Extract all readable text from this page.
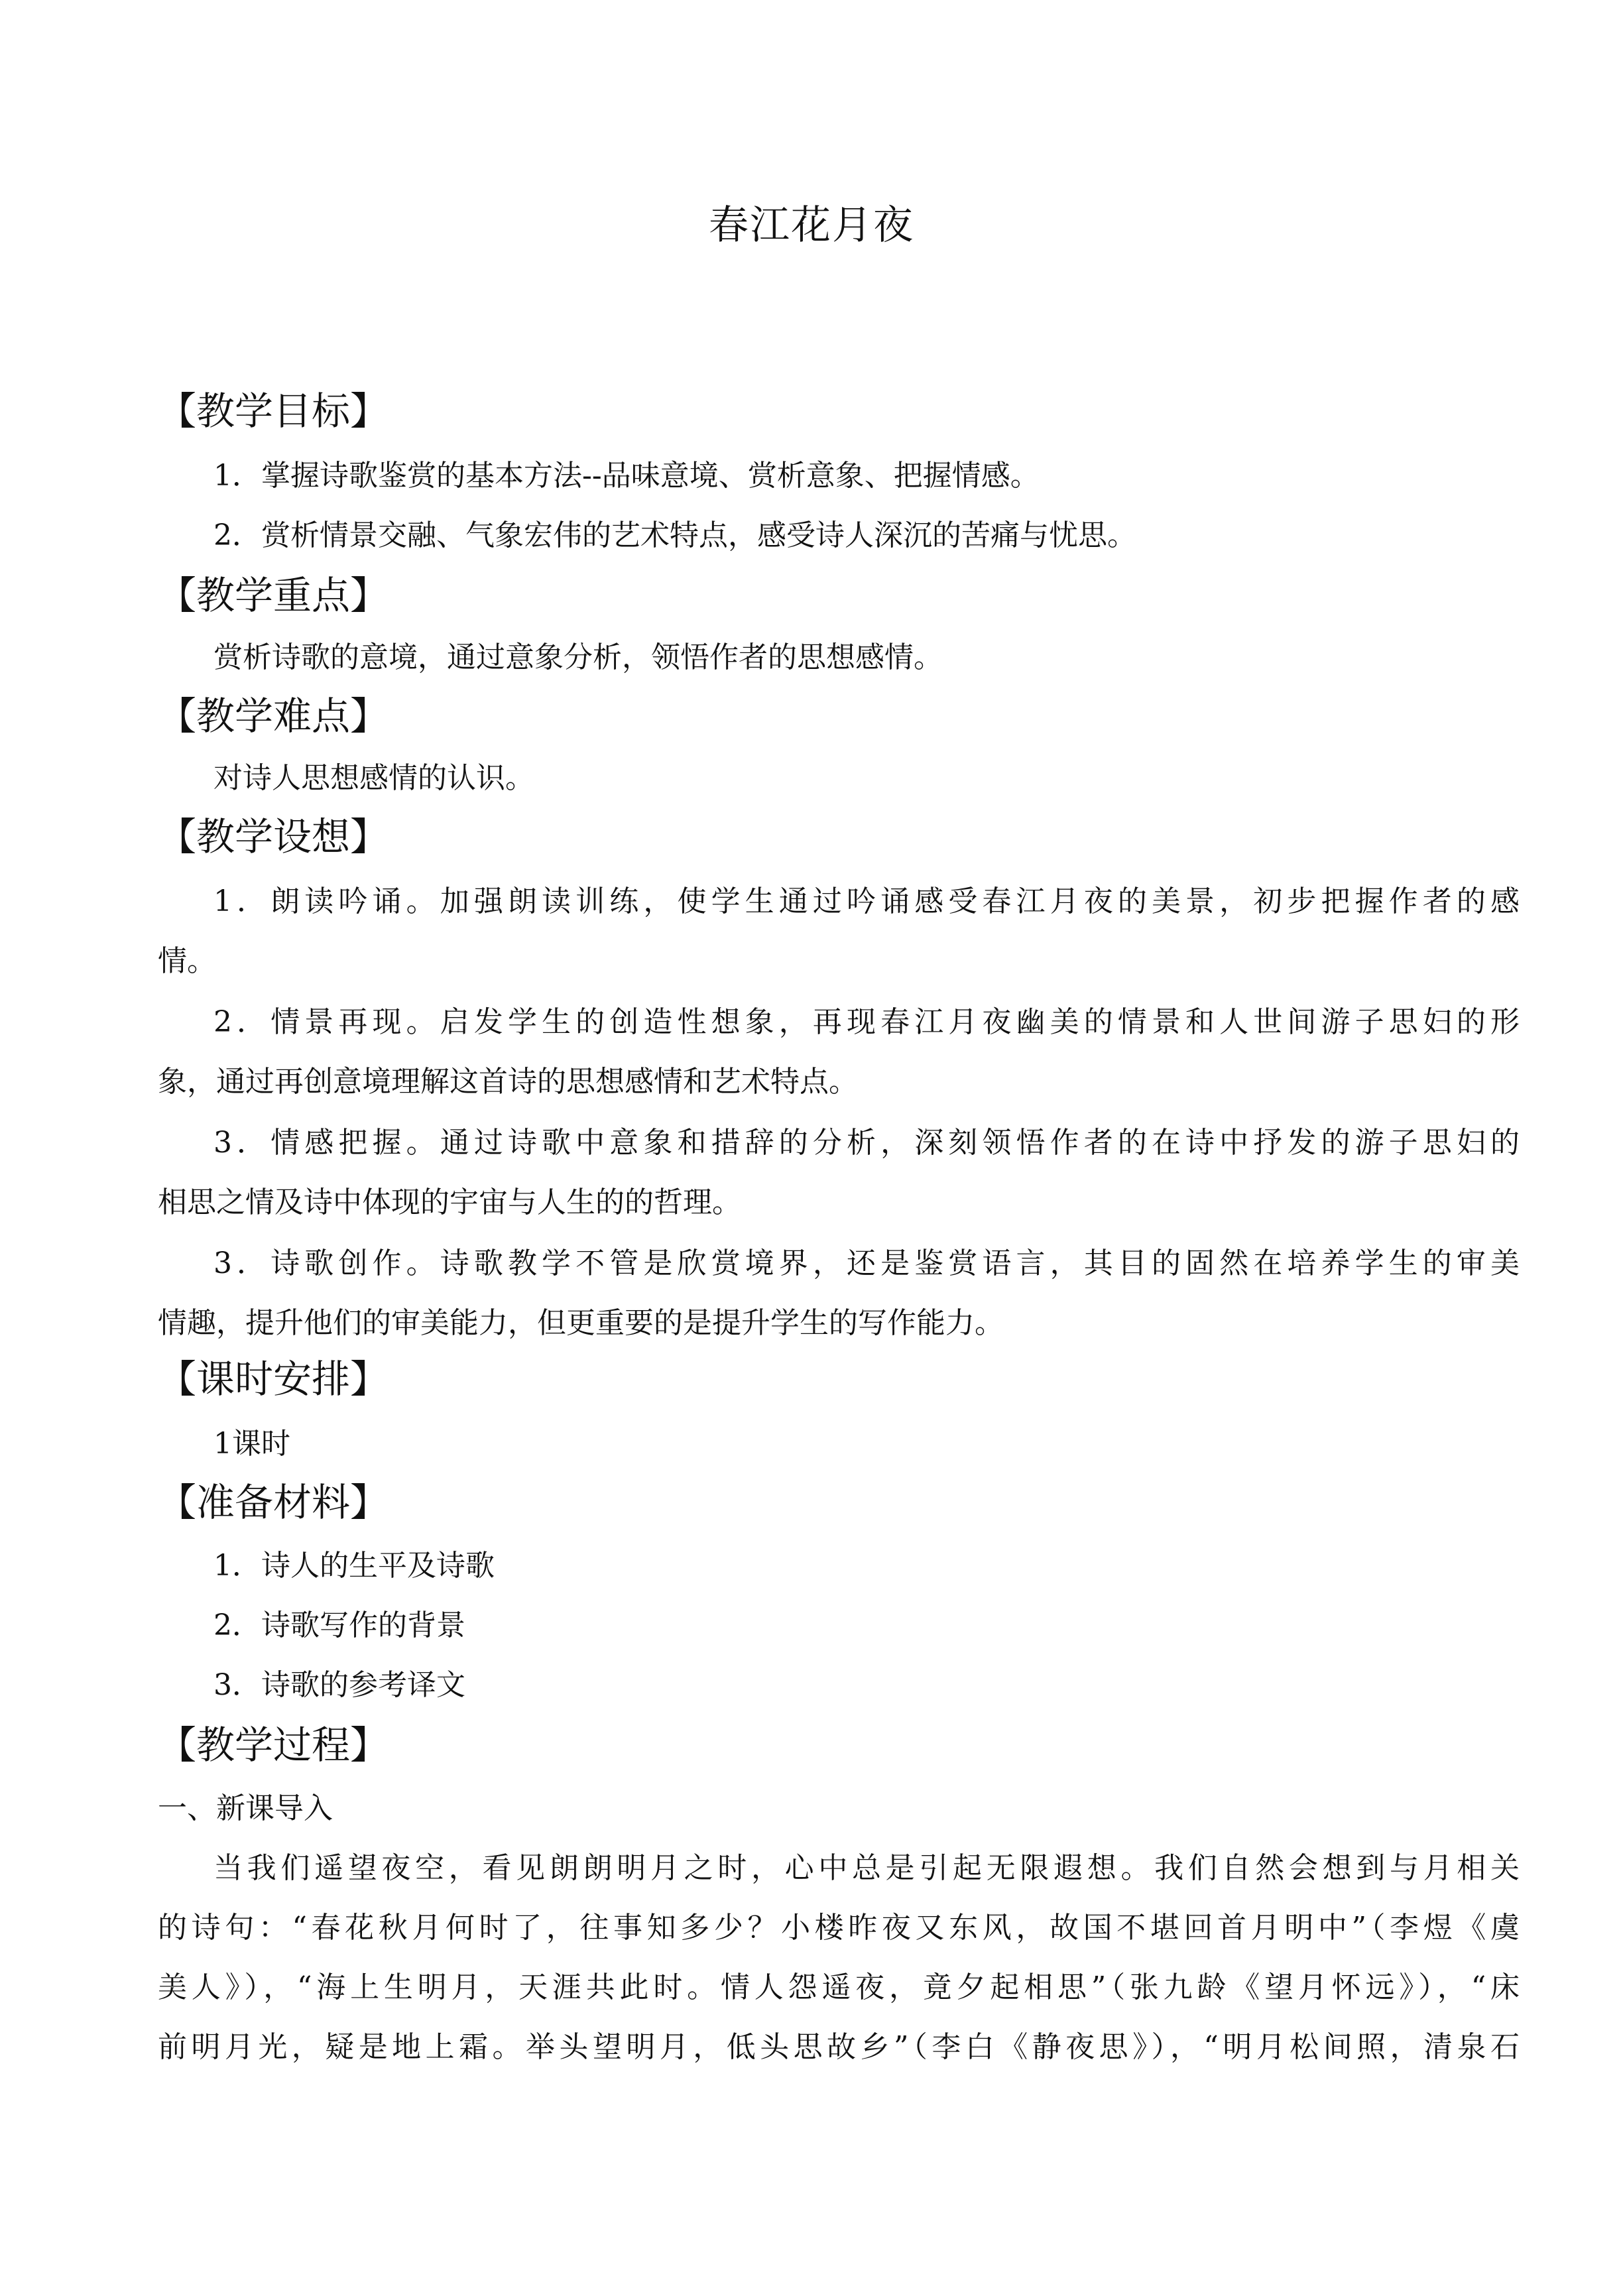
春江花月夜
【教学目标】
1．掌握诗歌鉴赏的基本方法--品味意境、赏析意象、把握情感。
2．赏析情景交融、气象宏伟的艺术特点，感受诗人深沉的苦痛与忧思。
【教学重点】
赏析诗歌的意境，通过意象分析，领悟作者的思想感情。
【教学难点】
对诗人思想感情的认识。
【教学设想】
1．朗读吟诵。加强朗读训练，使学生通过吟诵感受春江月夜的美景，初步把握作者的感
情。
2．情景再现。启发学生的创造性想象，再现春江月夜幽美的情景和人世间游子思妇的形
象，通过再创意境理解这首诗的思想感情和艺术特点。
3．情感把握。通过诗歌中意象和措辞的分析，深刻领悟作者的在诗中抒发的游子思妇的
相思之情及诗中体现的宇宙与人生的的哲理。
3．诗歌创作。诗歌教学不管是欣赏境界，还是鉴赏语言，其目的固然在培养学生的审美
情趣，提升他们的审美能力，但更重要的是提升学生的写作能力。
【课时安排】
1课时
【准备材料】
1．诗人的生平及诗歌
2．诗歌写作的背景
3．诗歌的参考译文
【教学过程】
一、新课导入
当我们遥望夜空，看见朗朗明月之时，心中总是引起无限遐想。我们自然会想到与月相关
的诗句：“春花秋月何时了，往事知多少？小楼昨夜又东风，故国不堪回首月明中”（李煜《虞
美人》），“海上生明月，天涯共此时。情人怨遥夜，竟夕起相思”（张九龄《望月怀远》），“床
前明月光，疑是地上霜。举头望明月，低头思故乡”（李白《静夜思》），“明月松间照，清泉石
